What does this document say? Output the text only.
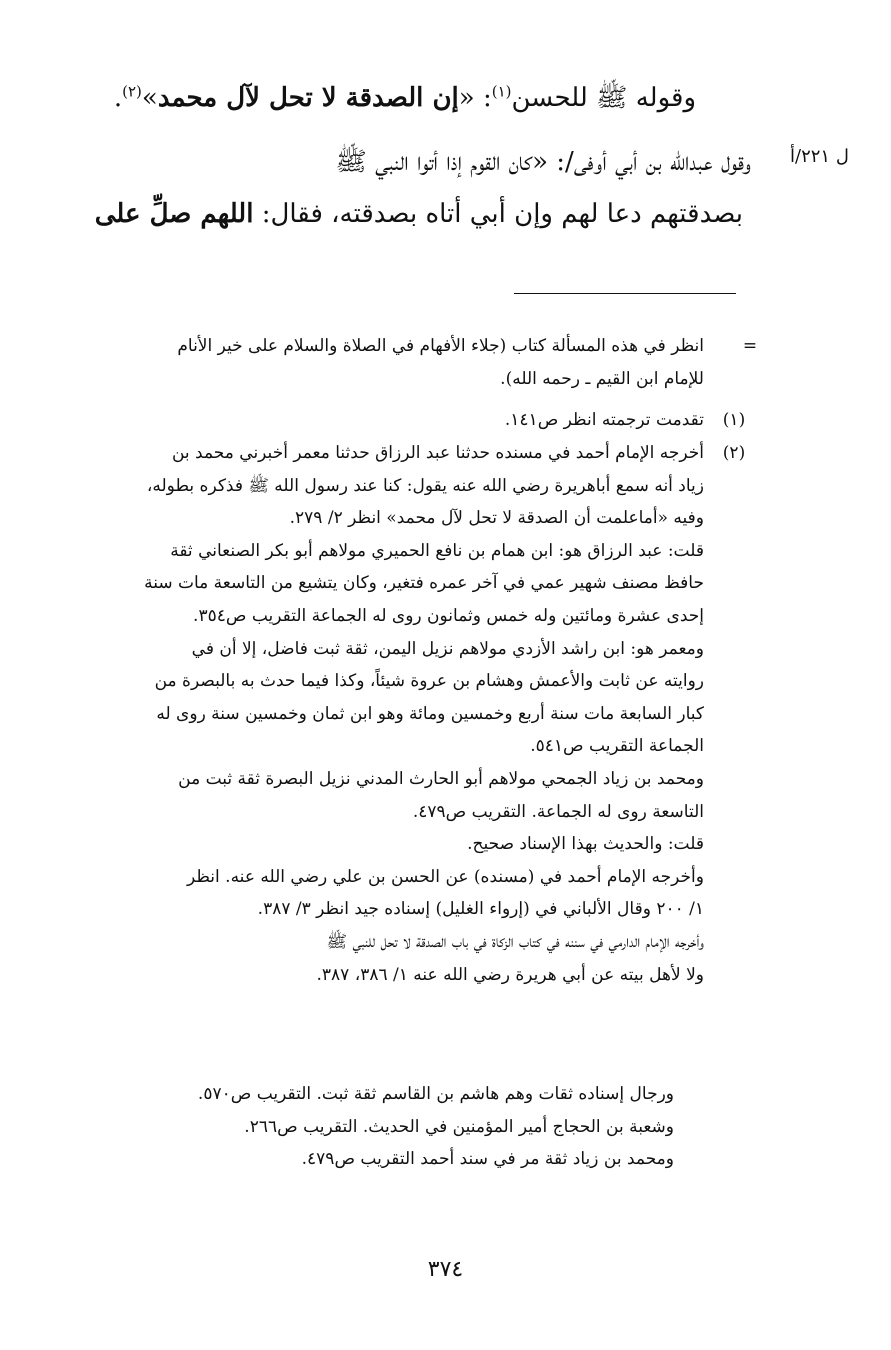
وقوله ﷺ للحسن$^{(١)}$: «إن الصدقة لا تحل لآل محمد»$^{(٢)}$.
وقول عبدالله بن أبي أوفى/: «كان القوم إذا أتوا النبي ﷺ
بصدقتهم دعا لهم وإن أبي أتاه بصدقته، فقال: اللهم صلِّ على
ل ٢٢١/أ
=
(١)
(٢)
انظر في هذه المسألة كتاب (جلاء الأفهام في الصلاة والسلام على خير الأنام
للإمام ابن القيم ـ رحمه الله).
تقدمت ترجمته انظر ص١٤١.
أخرجه الإمام أحمد في مسنده حدثنا عبد الرزاق حدثنا معمر أخبرني محمد بن
زياد أنه سمع أباهريرة رضي الله عنه يقول: كنا عند رسول الله ﷺ فذكره بطوله،
وفيه «أماعلمت أن الصدقة لا تحل لآل محمد» انظر ٢/ ٢٧٩.
قلت: عبد الرزاق هو: ابن همام بن نافع الحميري مولاهم أبو بكر الصنعاني ثقة
حافظ مصنف شهير عمي في آخر عمره فتغير، وكان يتشيع من التاسعة مات سنة
إحدى عشرة ومائتين وله خمس وثمانون روى له الجماعة التقريب ص٣٥٤.
ومعمر هو: ابن راشد الأزدي مولاهم نزيل اليمن، ثقة ثبت فاضل، إلا أن في
روايته عن ثابت والأعمش وهشام بن عروة شيئاً، وكذا فيما حدث به بالبصرة من
كبار السابعة مات سنة أربع وخمسين ومائة وهو ابن ثمان وخمسين سنة روى له
الجماعة التقريب ص٥٤١.
ومحمد بن زياد الجمحي مولاهم أبو الحارث المدني نزيل البصرة ثقة ثبت من
التاسعة روى له الجماعة. التقريب ص٤٧٩.
قلت: والحديث بهذا الإسناد صحيح.
وأخرجه الإمام أحمد في (مسنده) عن الحسن بن علي رضي الله عنه. انظر
١/ ٢٠٠ وقال الألباني في (إرواء الغليل) إسناده جيد انظر ٣/ ٣٨٧.
وأخرجه الإمام الدارمي في سننه في كتاب الزكاة في باب الصدقة لا تحل للنبي ﷺ
ولا لأهل بيته عن أبي هريرة رضي الله عنه ١/ ٣٨٦، ٣٨٧.
ورجال إسناده ثقات وهم هاشم بن القاسم ثقة ثبت. التقريب ص٥٧٠.
وشعبة بن الحجاج أمير المؤمنين في الحديث. التقريب ص٢٦٦.
ومحمد بن زياد ثقة مر في سند أحمد التقريب ص٤٧٩.
٣٧٤
